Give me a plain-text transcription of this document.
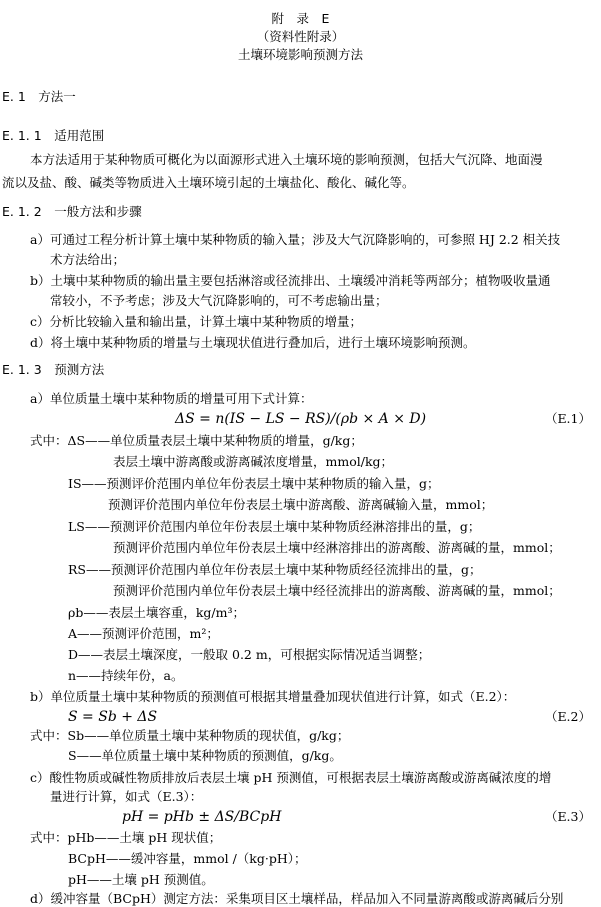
附　录　E
（资料性附录）
土壤环境影响预测方法
E. 1　方法一
E. 1. 1　适用范围
本方法适用于某种物质可概化为以面源形式进入土壤环境的影响预测，包括大气沉降、地面漫
流以及盐、酸、碱类等物质进入土壤环境引起的土壤盐化、酸化、碱化等。
E. 1. 2　一般方法和步骤
a）可通过工程分析计算土壤中某种物质的输入量；涉及大气沉降影响的，可参照 HJ 2.2 相关技
术方法给出；
b）土壤中某种物质的输出量主要包括淋溶或径流排出、土壤缓冲消耗等两部分；植物吸收量通
常较小，不予考虑；涉及大气沉降影响的，可不考虑输出量；
c）分析比较输入量和输出量，计算土壤中某种物质的增量；
d）将土壤中某种物质的增量与土壤现状值进行叠加后，进行土壤环境影响预测。
E. 1. 3　预测方法
a）单位质量土壤中某种物质的增量可用下式计算：
ΔS = n(IS − LS − RS)/(ρb × A × D)	（E.1）
式中：ΔS——单位质量表层土壤中某种物质的增量，g/kg；
表层土壤中游离酸或游离碱浓度增量，mmol/kg；
IS——预测评价范围内单位年份表层土壤中某种物质的输入量，g；
预测评价范围内单位年份表层土壤中游离酸、游离碱输入量，mmol；
LS——预测评价范围内单位年份表层土壤中某种物质经淋溶排出的量，g；
预测评价范围内单位年份表层土壤中经淋溶排出的游离酸、游离碱的量，mmol；
RS——预测评价范围内单位年份表层土壤中某种物质经径流排出的量，g；
预测评价范围内单位年份表层土壤中经径流排出的游离酸、游离碱的量，mmol；
ρb——表层土壤容重，kg/m³；
A——预测评价范围，m²；
D——表层土壤深度，一般取 0.2 m，可根据实际情况适当调整；
n——持续年份，a。
b）单位质量土壤中某种物质的预测值可根据其增量叠加现状值进行计算，如式（E.2）：
S = Sb + ΔS	（E.2）
式中：Sb——单位质量土壤中某种物质的现状值，g/kg；
S——单位质量土壤中某种物质的预测值，g/kg。
c）酸性物质或碱性物质排放后表层土壤 pH 预测值，可根据表层土壤游离酸或游离碱浓度的增
量进行计算，如式（E.3）：
pH = pHb ± ΔS/BCpH	（E.3）
式中：pHb——土壤 pH 现状值；
BCpH——缓冲容量，mmol /（kg·pH）；
pH——土壤 pH 预测值。
d）缓冲容量（BCpH）测定方法：采集项目区土壤样品，样品加入不同量游离酸或游离碱后分别
